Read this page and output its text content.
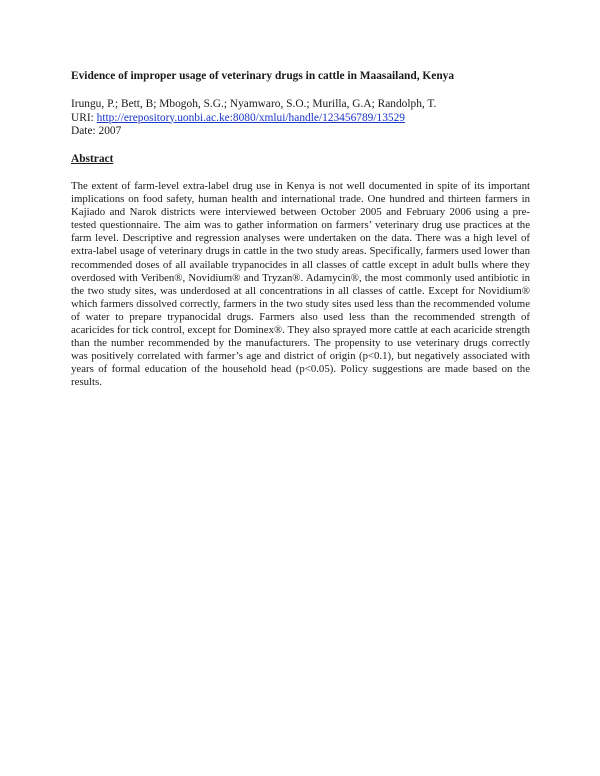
Evidence of improper usage of veterinary drugs in cattle in Maasailand, Kenya
Irungu, P.; Bett, B; Mbogoh, S.G.; Nyamwaro, S.O.; Murilla, G.A; Randolph, T.
URI: http://erepository.uonbi.ac.ke:8080/xmlui/handle/123456789/13529
Date: 2007
Abstract
The extent of farm-level extra-label drug use in Kenya is not well documented in spite of its important implications on food safety, human health and international trade. One hundred and thirteen farmers in Kajiado and Narok districts were interviewed between October 2005 and February 2006 using a pre-tested questionnaire. The aim was to gather information on farmers’ veterinary drug use practices at the farm level. Descriptive and regression analyses were undertaken on the data. There was a high level of extra-label usage of veterinary drugs in cattle in the two study areas. Specifically, farmers used lower than recommended doses of all available trypanocides in all classes of cattle except in adult bulls where they overdosed with Veriben®, Novidium® and Tryzan®. Adamycin®, the most commonly used antibiotic in the two study sites, was underdosed at all concentrations in all classes of cattle. Except for Novidium® which farmers dissolved correctly, farmers in the two study sites used less than the recommended volume of water to prepare trypanocidal drugs. Farmers also used less than the recommended strength of acaricides for tick control, except for Dominex®. They also sprayed more cattle at each acaricide strength than the number recommended by the manufacturers. The propensity to use veterinary drugs correctly was positively correlated with farmer’s age and district of origin (p<0.1), but negatively associated with years of formal education of the household head (p<0.05). Policy suggestions are made based on the results.
